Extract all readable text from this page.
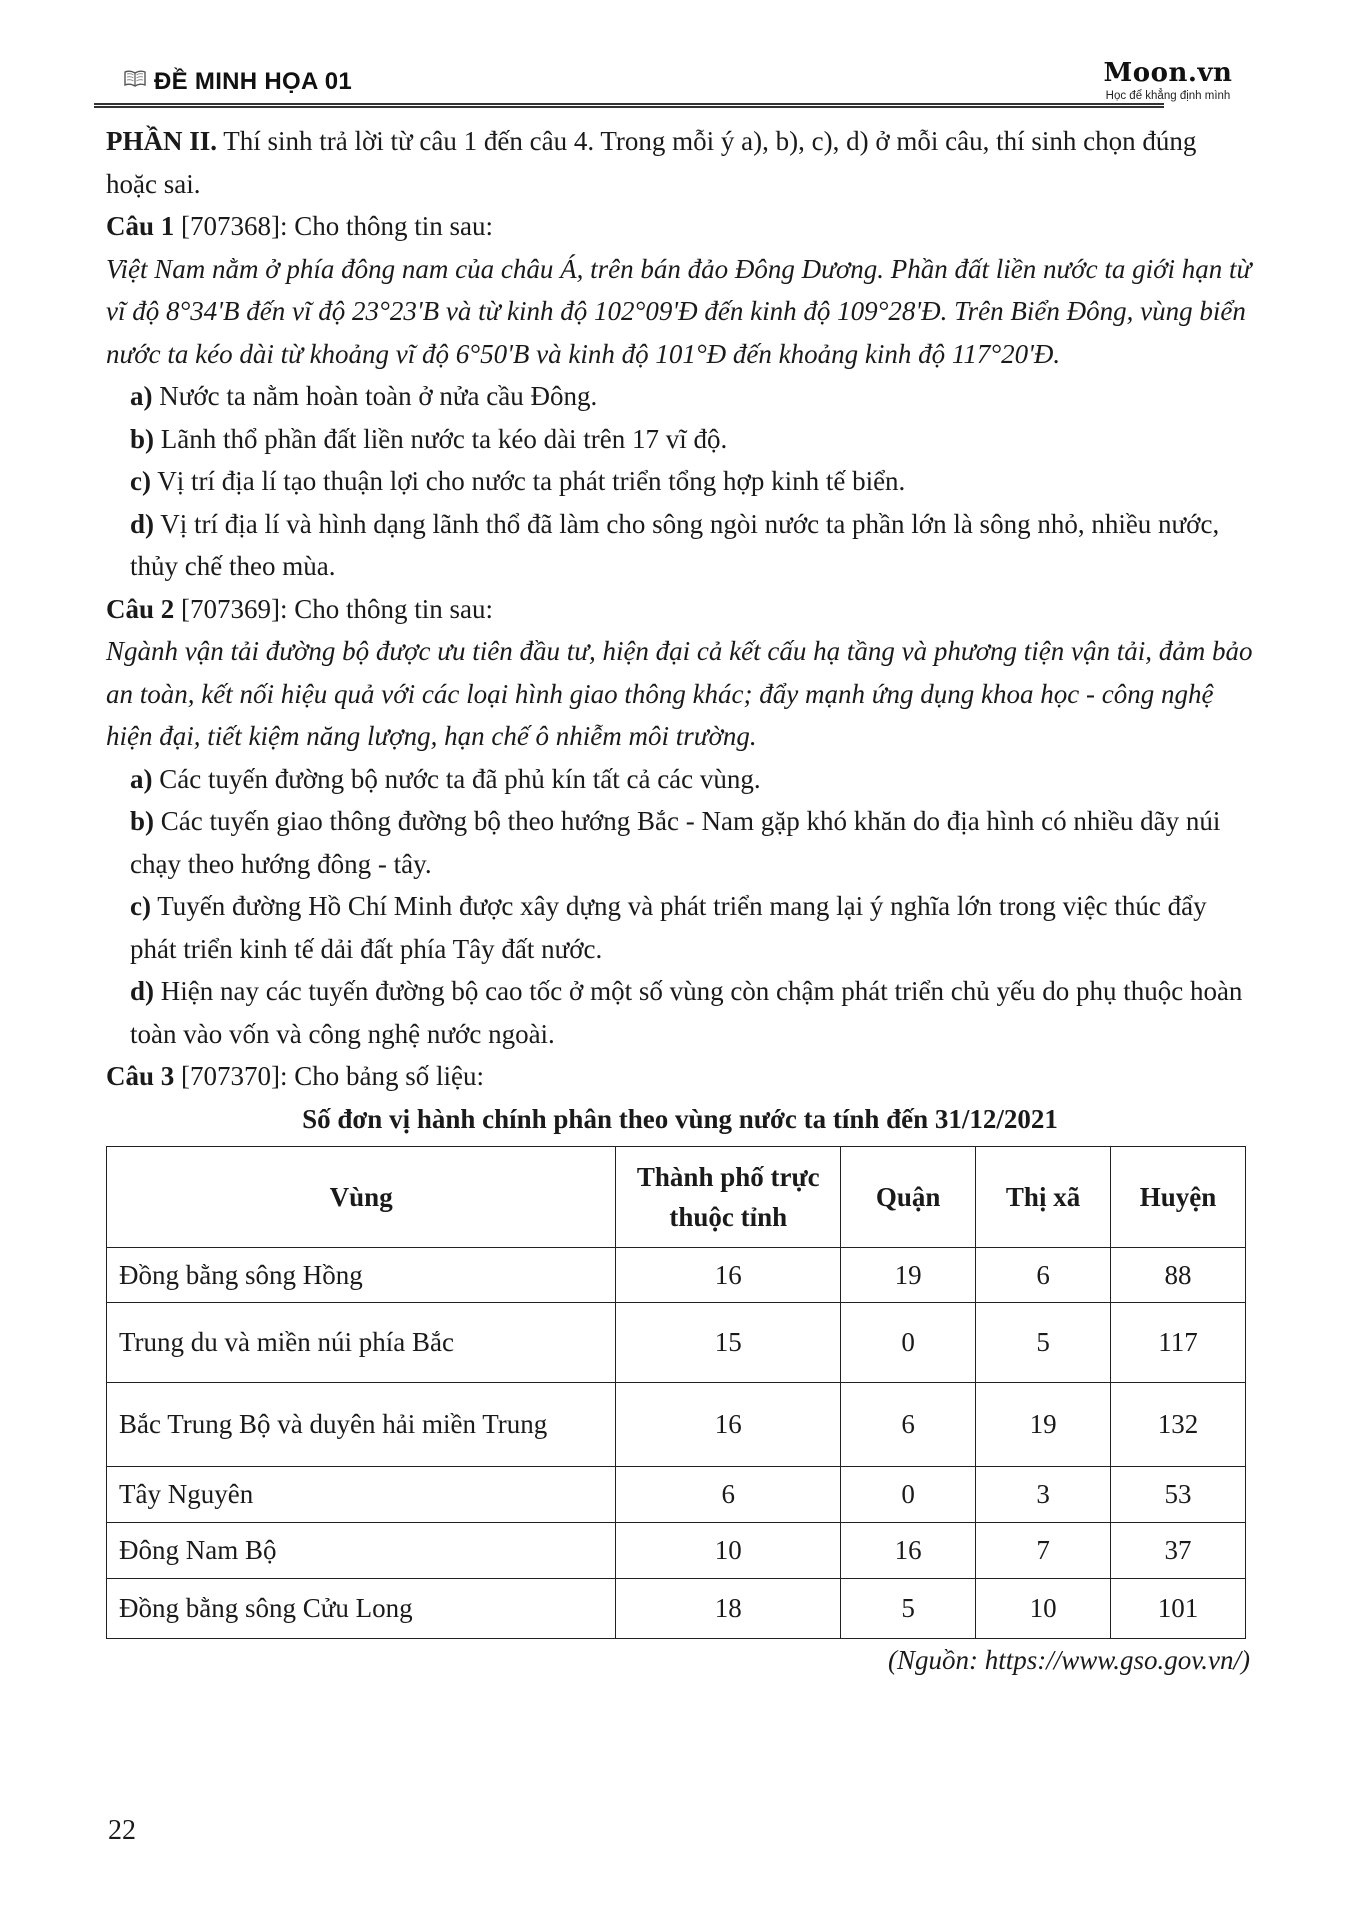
ĐỀ MINH HỌA 01	Moon.vn
Học để khẳng định mình

PHẦN II. Thí sinh trả lời từ câu 1 đến câu 4. Trong mỗi ý a), b), c), d) ở mỗi câu, thí sinh chọn đúng hoặc sai.

Câu 1 [707368]: Cho thông tin sau:

Việt Nam nằm ở phía đông nam của châu Á, trên bán đảo Đông Dương. Phần đất liền nước ta giới hạn từ vĩ độ 8°34'B đến vĩ độ 23°23'B và từ kinh độ 102°09'Đ đến kinh độ 109°28'Đ. Trên Biển Đông, vùng biển nước ta kéo dài từ khoảng vĩ độ 6°50'B và kinh độ 101°Đ đến khoảng kinh độ 117°20'Đ.

a) Nước ta nằm hoàn toàn ở nửa cầu Đông.

b) Lãnh thổ phần đất liền nước ta kéo dài trên 17 vĩ độ.

c) Vị trí địa lí tạo thuận lợi cho nước ta phát triển tổng hợp kinh tế biển.

d) Vị trí địa lí và hình dạng lãnh thổ đã làm cho sông ngòi nước ta phần lớn là sông nhỏ, nhiều nước, thủy chế theo mùa.

Câu 2 [707369]: Cho thông tin sau:

Ngành vận tải đường bộ được ưu tiên đầu tư, hiện đại cả kết cấu hạ tầng và phương tiện vận tải, đảm bảo an toàn, kết nối hiệu quả với các loại hình giao thông khác; đẩy mạnh ứng dụng khoa học - công nghệ hiện đại, tiết kiệm năng lượng, hạn chế ô nhiễm môi trường.

a) Các tuyến đường bộ nước ta đã phủ kín tất cả các vùng.

b) Các tuyến giao thông đường bộ theo hướng Bắc - Nam gặp khó khăn do địa hình có nhiều dãy núi chạy theo hướng đông - tây.

c) Tuyến đường Hồ Chí Minh được xây dựng và phát triển mang lại ý nghĩa lớn trong việc thúc đẩy phát triển kinh tế dải đất phía Tây đất nước.

d) Hiện nay các tuyến đường bộ cao tốc ở một số vùng còn chậm phát triển chủ yếu do phụ thuộc hoàn toàn vào vốn và công nghệ nước ngoài.

Câu 3 [707370]: Cho bảng số liệu:

Số đơn vị hành chính phân theo vùng nước ta tính đến 31/12/2021

Vùng	Thành phố trực thuộc tỉnh	Quận	Thị xã	Huyện
Đồng bằng sông Hồng	16	19	6	88
Trung du và miền núi phía Bắc	15	0	5	117
Bắc Trung Bộ và duyên hải miền Trung	16	6	19	132
Tây Nguyên	6	0	3	53
Đông Nam Bộ	10	16	7	37
Đồng bằng sông Cửu Long	18	5	10	101

(Nguồn: https://www.gso.gov.vn/)

22
